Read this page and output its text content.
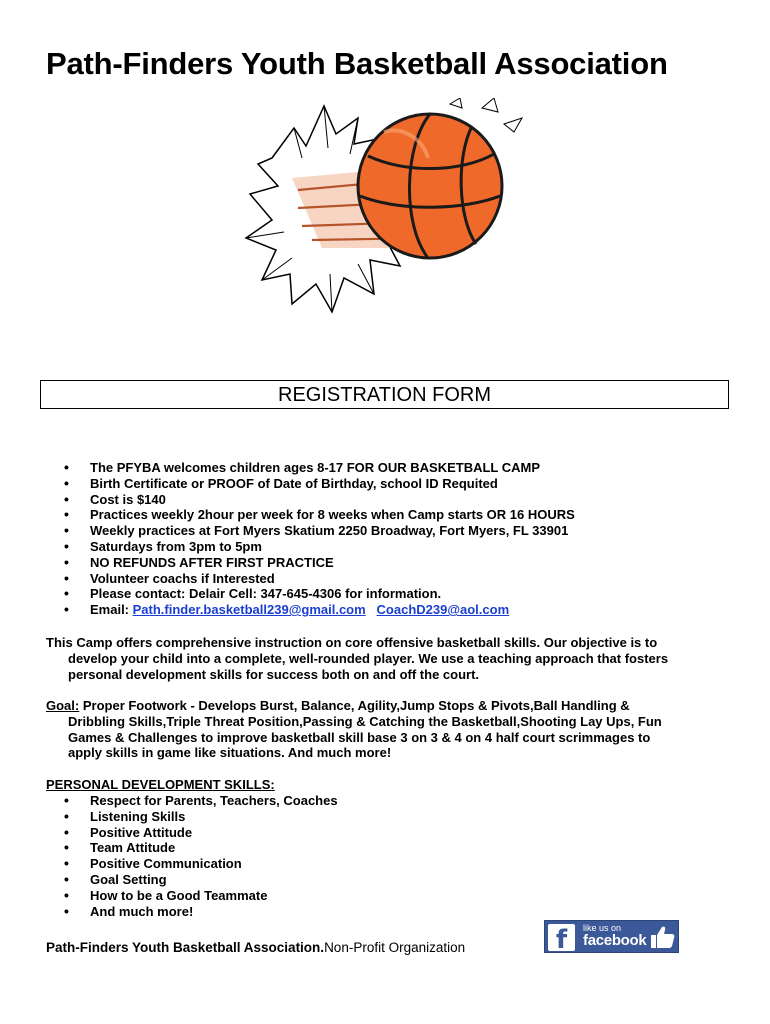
Path-Finders Youth Basketball Association
REGISTRATION FORM
• The PFYBA welcomes children ages 8-17 FOR OUR BASKETBALL CAMP
• Birth Certificate or PROOF of Date of Birthday, school ID Requited
• Cost is $140
• Practices weekly 2hour per week for 8 weeks when Camp starts OR 16 HOURS
• Weekly practices at Fort Myers Skatium 2250 Broadway, Fort Myers, FL 33901
• Saturdays from 3pm to 5pm
• NO REFUNDS AFTER FIRST PRACTICE
• Volunteer coachs if Interested
• Please contact: Delair Cell: 347-645-4306 for information.
• Email: Path.finder.basketball239@gmail.com CoachD239@aol.com

This Camp offers comprehensive instruction on core offensive basketball skills. Our objective is to
develop your child into a complete, well-rounded player. We use a teaching approach that fosters
personal development skills for success both on and off the court.

Goal: Proper Footwork - Develops Burst, Balance, Agility,Jump Stops & Pivots,Ball Handling &
Dribbling Skills,Triple Threat Position,Passing & Catching the Basketball,Shooting Lay Ups, Fun
Games & Challenges to improve basketball skill base 3 on 3 & 4 on 4 half court scrimmages to
apply skills in game like situations. And much more!

PERSONAL DEVELOPMENT SKILLS:

• Respect for Parents, Teachers, Coaches
• Listening Skills
• Positive Attitude
• Team Attitude
• Positive Communication
• Goal Setting
• How to be a Good Teammate
• And much more!
Path-Finders Youth Basketball Association.Non-Profit Organization	f	like us on
facebook
